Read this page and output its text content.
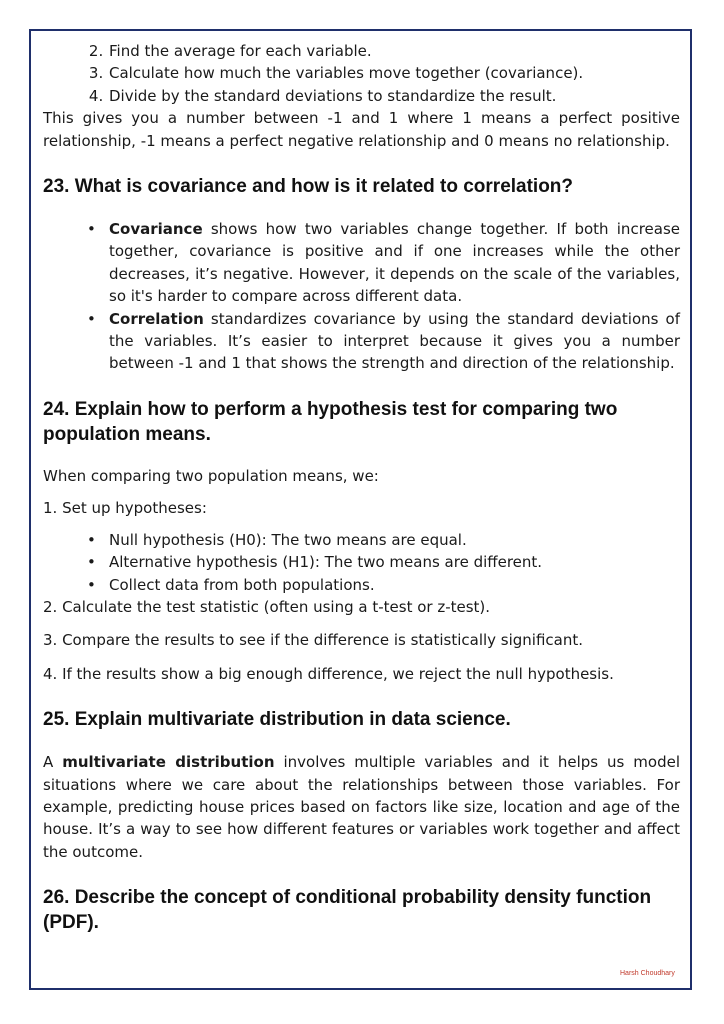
2. Find the average for each variable.
3. Calculate how much the variables move together (covariance).
4. Divide by the standard deviations to standardize the result.

This gives you a number between -1 and 1 where 1 means a perfect positive relationship, -1 means a perfect negative relationship and 0 means no relationship.

23. What is covariance and how is it related to correlation?
• Covariance shows how two variables change together. If both increase together, covariance is positive and if one increases while the other decreases, it’s negative. However, it depends on the scale of the variables, so it's harder to compare across different data.
• Correlation standardizes covariance by using the standard deviations of the variables. It’s easier to interpret because it gives you a number between -1 and 1 that shows the strength and direction of the relationship.
24. Explain how to perform a hypothesis test for comparing two population means.

When comparing two population means, we:

1. Set up hypotheses:

• Null hypothesis (H0): The two means are equal.
• Alternative hypothesis (H1): The two means are different.
• Collect data from both populations.

2. Calculate the test statistic (often using a t-test or z-test).

3. Compare the results to see if the difference is statistically significant.

4. If the results show a big enough difference, we reject the null hypothesis.

25. Explain multivariate distribution in data science.

A multivariate distribution involves multiple variables and it helps us model situations where we care about the relationships between those variables. For example, predicting house prices based on factors like size, location and age of the house. It’s a way to see how different features or variables work together and affect the outcome.

26. Describe the concept of conditional probability density function (PDF).
Harsh Choudhary
